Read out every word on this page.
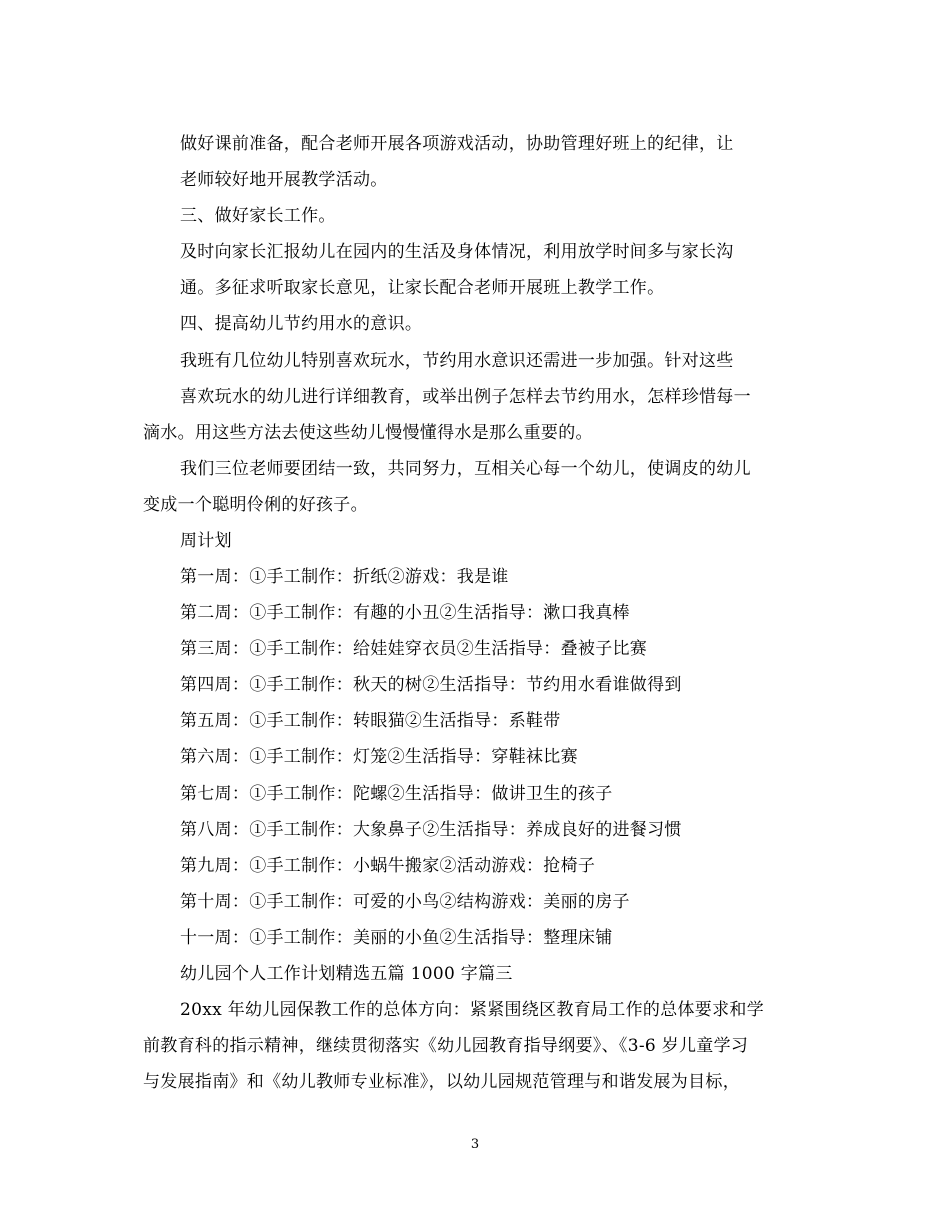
做好课前准备，配合老师开展各项游戏活动，协助管理好班上的纪律，让
老师较好地开展教学活动。
三、做好家长工作。
及时向家长汇报幼儿在园内的生活及身体情况，利用放学时间多与家长沟
通。多征求听取家长意见，让家长配合老师开展班上教学工作。
四、提高幼儿节约用水的意识。
我班有几位幼儿特别喜欢玩水，节约用水意识还需进一步加强。针对这些
喜欢玩水的幼儿进行详细教育，或举出例子怎样去节约用水，怎样珍惜每一
滴水。用这些方法去使这些幼儿慢慢懂得水是那么重要的。
我们三位老师要团结一致，共同努力，互相关心每一个幼儿，使调皮的幼儿
变成一个聪明伶俐的好孩子。
周计划
第一周：①手工制作：折纸②游戏：我是谁
第二周：①手工制作：有趣的小丑②生活指导：漱口我真棒
第三周：①手工制作：给娃娃穿衣员②生活指导：叠被子比赛
第四周：①手工制作：秋天的树②生活指导：节约用水看谁做得到
第五周：①手工制作：转眼猫②生活指导：系鞋带
第六周：①手工制作：灯笼②生活指导：穿鞋袜比赛
第七周：①手工制作：陀螺②生活指导：做讲卫生的孩子
第八周：①手工制作：大象鼻子②生活指导：养成良好的进餐习惯
第九周：①手工制作：小蜗牛搬家②活动游戏：抢椅子
第十周：①手工制作：可爱的小鸟②结构游戏：美丽的房子
十一周：①手工制作：美丽的小鱼②生活指导：整理床铺
幼儿园个人工作计划精选五篇 1000 字篇三
20xx 年幼儿园保教工作的总体方向：紧紧围绕区教育局工作的总体要求和学
前教育科的指示精神，继续贯彻落实《幼儿园教育指导纲要》、《3-6 岁儿童学习
与发展指南》和《幼儿教师专业标准》，以幼儿园规范管理与和谐发展为目标，
3
